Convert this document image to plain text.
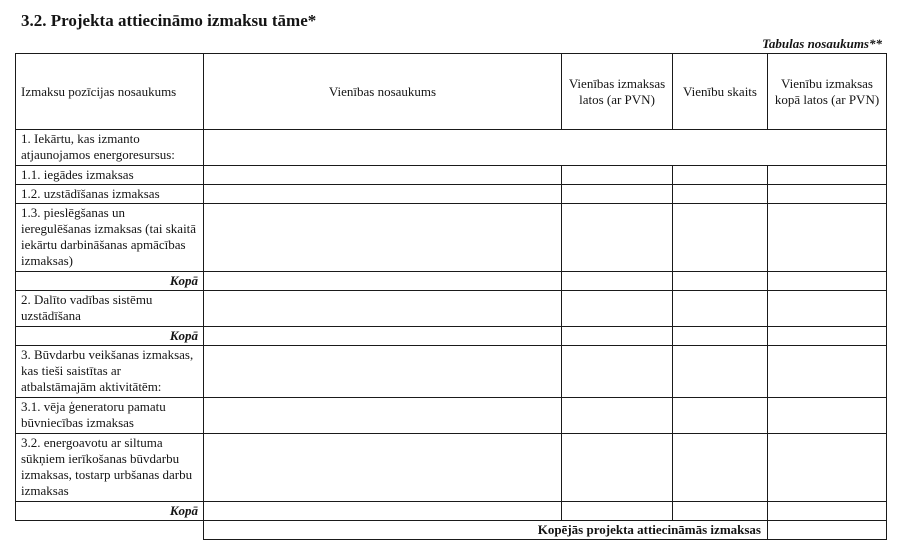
3.2. Projekta attiecināmo izmaksu tāme*
Tabulas nosaukums**
Izmaksu pozīcijas nosaukums	Vienības nosaukums	Vienības izmaksas latos (ar PVN)	Vienību skaits	Vienību izmaksas kopā latos (ar PVN)
1. Iekārtu, kas izmanto atjaunojamos energoresursus:				
1.1. iegādes izmaksas				
1.2. uzstādīšanas izmaksas				
1.3. pieslēgšanas un ieregulēšanas izmaksas (tai skaitā iekārtu darbināšanas apmācības izmaksas)				
Kopā				
2. Dalīto vadības sistēmu uzstādīšana				
Kopā				
3. Būvdarbu veikšanas izmaksas, kas tieši saistītas ar atbalstāmajām aktivitātēm:				
3.1. vēja ģeneratoru pamatu būvniecības izmaksas				
3.2. energoavotu ar siltuma sūkņiem ierīkošanas būvdarbu izmaksas, tostarp urbšanas darbu izmaksas				
Kopā				
	Kopējās projekta attiecināmās izmaksas			
